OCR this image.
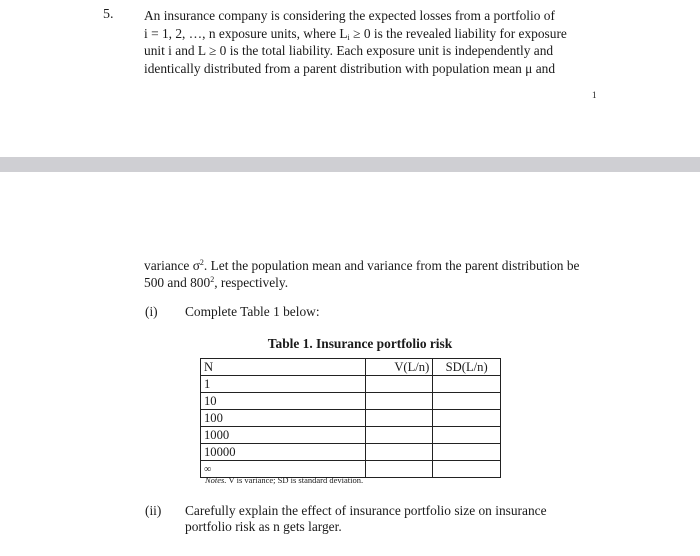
5. An insurance company is considering the expected losses from a portfolio of
i = 1, 2, …, n exposure units, where $L_i \ge 0$ is the revealed liability for exposure
unit i and L ≥ 0 is the total liability. Each exposure unit is independently and
identically distributed from a parent distribution with population mean μ and
1
variance $\sigma^2$. Let the population mean and variance from the parent distribution be
500 and $800^2$, respectively.
(i) Complete Table 1 below:
Table 1. Insurance portfolio risk
N	V(L/n)	SD(L/n)
1		
10		
100		
1000		
10000		
∞		
Notes. V is variance; SD is standard deviation.
(ii) Carefully explain the effect of insurance portfolio size on insurance
portfolio risk as n gets larger.
